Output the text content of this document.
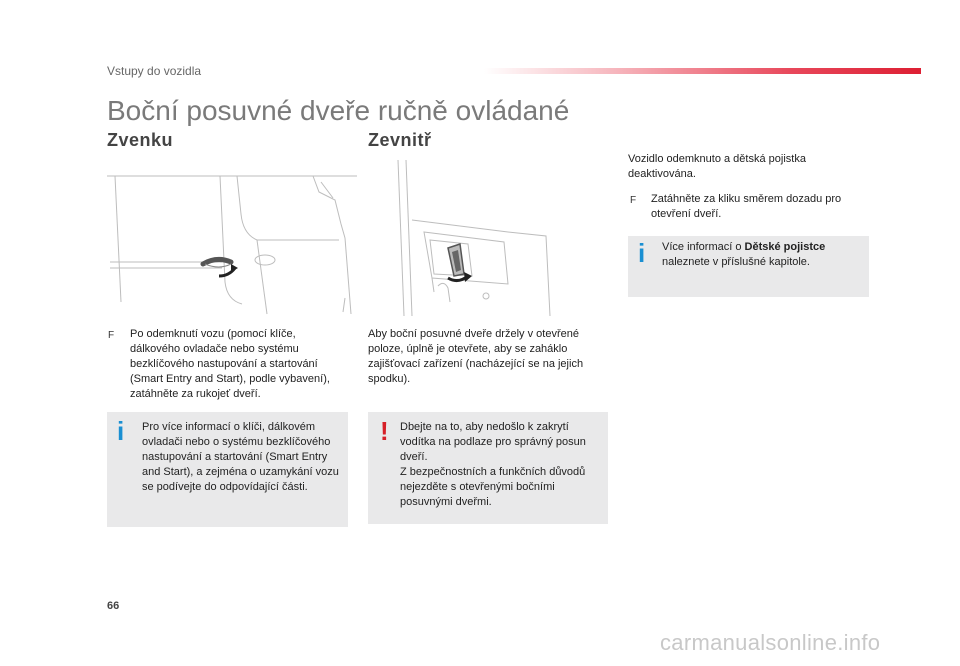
Vstupy do vozidla
Boční posuvné dveře ručně ovládané
Zvenku	Zevnitř
F Po odemknutí vozu (pomocí klíče,
dálkového ovladače nebo systému
bezklíčového nastupování a startování
(Smart Entry and Start), podle vybavení),
zatáhněte za rukojeť dveří.
i Pro více informací o klíči, dálkovém
ovladači nebo o systému bezklíčového
nastupování a startování (Smart Entry
and Start), a zejména o uzamykání vozu
se podívejte do odpovídající části.
Aby boční posuvné dveře držely v otevřené
poloze, úplně je otevřete, aby se zaháklo
zajišťovací zařízení (nacházející se na jejich
spodku).
! Dbejte na to, aby nedošlo k zakrytí
vodítka na podlaze pro správný posun
dveří.
Z bezpečnostních a funkčních důvodů
nejezděte s otevřenými bočními
posuvnými dveřmi.
Vozidlo odemknuto a dětská pojistka
deaktivována.
F Zatáhněte za kliku směrem dozadu pro
otevření dveří.
i Více informací o Dětské pojistce
naleznete v příslušné kapitole.
66
carmanualsonline.info
